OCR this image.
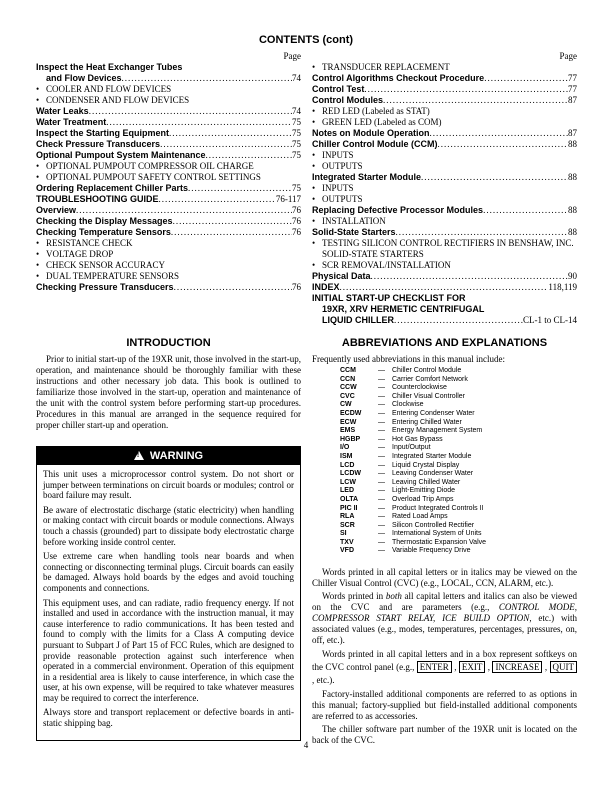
CONTENTS (cont)
Page
Inspect the Heat Exchanger Tubes
and Flow Devices .....	74
• COOLER AND FLOW DEVICES
• CONDENSER AND FLOW DEVICES
Water Leaks .....	74
Water Treatment .....	75
Inspect the Starting Equipment .....	75
Check Pressure Transducers .....	75
Optional Pumpout System Maintenance .....	75
• OPTIONAL PUMPOUT COMPRESSOR OIL CHARGE
• OPTIONAL PUMPOUT SAFETY CONTROL SETTINGS
Ordering Replacement Chiller Parts .....	75
TROUBLESHOOTING GUIDE .....	76-117
Overview .....	76
Checking the Display Messages .....	76
Checking Temperature Sensors .....	76
• RESISTANCE CHECK
• VOLTAGE DROP
• CHECK SENSOR ACCURACY
• DUAL TEMPERATURE SENSORS
Checking Pressure Transducers .....	76
Page
• TRANSDUCER REPLACEMENT
Control Algorithms Checkout Procedure .....	77
Control Test .....	77
Control Modules .....	87
• RED LED (Labeled as STAT)
• GREEN LED (Labeled as COM)
Notes on Module Operation .....	87
Chiller Control Module (CCM) .....	88
• INPUTS
• OUTPUTS
Integrated Starter Module .....	88
• INPUTS
• OUTPUTS
Replacing Defective Processor Modules .....	88
• INSTALLATION
Solid-State Starters .....	88
• TESTING SILICON CONTROL RECTIFIERS IN BENSHAW, INC. SOLID-STATE STARTERS
• SCR REMOVAL/INSTALLATION
Physical Data .....	90
INDEX .....	118,119
INITIAL START-UP CHECKLIST FOR
19XR, XRV HERMETIC CENTRIFUGAL
LIQUID CHILLER .....	CL-1 to CL-14
INTRODUCTION

Prior to initial start-up of the 19XR unit, those involved in the start-up, operation, and maintenance should be thoroughly familiar with these instructions and other necessary job data. This book is outlined to familiarize those involved in the start-up, operation and maintenance of the unit with the control system before performing start-up procedures. Procedures in this manual are arranged in the sequence required for proper chiller start-up and operation.

!WARNING

This unit uses a microprocessor control system. Do not short or jumper between terminations on circuit boards or modules; control or board failure may result.

Be aware of electrostatic discharge (static electricity) when handling or making contact with circuit boards or module connections. Always touch a chassis (grounded) part to dissipate body electrostatic charge before working inside control center.

Use extreme care when handling tools near boards and when connecting or disconnecting terminal plugs. Circuit boards can easily be damaged. Always hold boards by the edges and avoid touching components and connections.

This equipment uses, and can radiate, radio frequency energy. If not installed and used in accordance with the instruction manual, it may cause interference to radio communications. It has been tested and found to comply with the limits for a Class A computing device pursuant to Subpart J of Part 15 of FCC Rules, which are designed to provide reasonable protection against such interference when operated in a commercial environment. Operation of this equipment in a residential area is likely to cause interference, in which case the user, at his own expense, will be required to take whatever measures may be required to correct the interference.

Always store and transport replacement or defective boards in anti-static shipping bag.

ABBREVIATIONS AND EXPLANATIONS

Frequently used abbreviations in this manual include:

CCM	—	Chiller Control Module
CCN	—	Carrier Comfort Network
CCW	—	Counterclockwise
CVC	—	Chiller Visual Controller
CW	—	Clockwise
ECDW	—	Entering Condenser Water
ECW	—	Entering Chilled Water
EMS	—	Energy Management System
HGBP	—	Hot Gas Bypass
I/O	—	Input/Output
ISM	—	Integrated Starter Module
LCD	—	Liquid Crystal Display
LCDW	—	Leaving Condenser Water
LCW	—	Leaving Chilled Water
LED	—	Light-Emitting Diode
OLTA	—	Overload Trip Amps
PIC II	—	Product Integrated Controls II
RLA	—	Rated Load Amps
SCR	—	Silicon Controlled Rectifier
SI	—	International System of Units
TXV	—	Thermostatic Expansion Valve
VFD	—	Variable Frequency Drive

Words printed in all capital letters or in italics may be viewed on the Chiller Visual Control (CVC) (e.g., LOCAL, CCN, ALARM, etc.).

Words printed in both all capital letters and italics can also be viewed on the CVC and are parameters (e.g., CONTROL MODE, COMPRESSOR START RELAY, ICE BUILD OPTION, etc.) with associated values (e.g., modes, temperatures, percentages, pressures, on, off, etc.).

Words printed in all capital letters and in a box represent softkeys on the CVC control panel (e.g., ENTER , EXIT , INCREASE , QUIT , etc.).

Factory-installed additional components are referred to as options in this manual; factory-supplied but field-installed additional components are referred to as accessories.

The chiller software part number of the 19XR unit is located on the back of the CVC.

4
